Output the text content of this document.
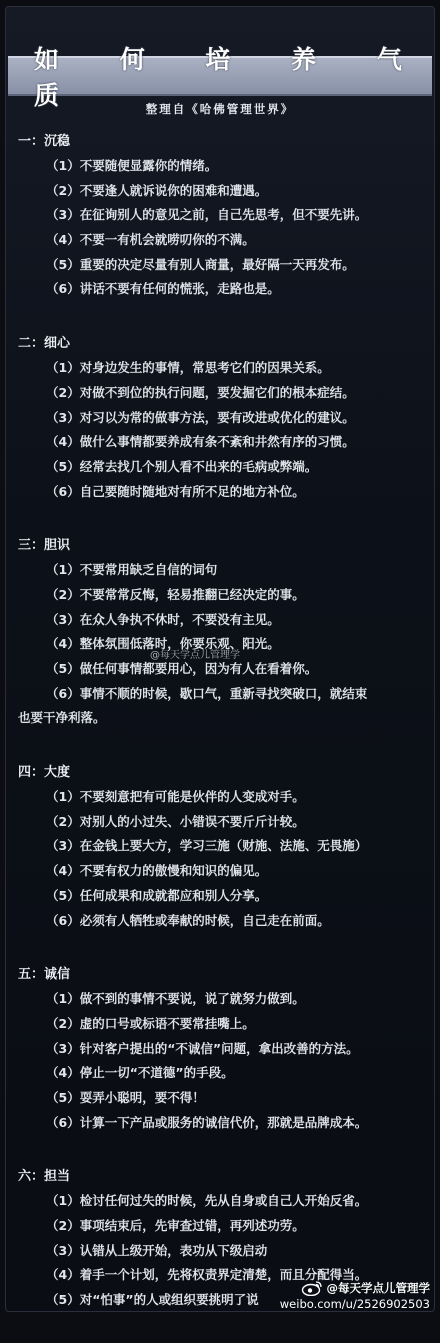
如 何 培 养 气 质	整理自《哈佛管理世界》
一：沉稳
（1）不要随便显露你的情绪。
（2）不要逢人就诉说你的困难和遭遇。
（3）在征询别人的意见之前，自己先思考，但不要先讲。
（4）不要一有机会就唠叨你的不满。
（5）重要的决定尽量有别人商量，最好隔一天再发布。
（6）讲话不要有任何的慌张，走路也是。
二：细心
（1）对身边发生的事情，常思考它们的因果关系。
（2）对做不到位的执行问题，要发掘它们的根本症结。
（3）对习以为常的做事方法，要有改进或优化的建议。
（4）做什么事情都要养成有条不紊和井然有序的习惯。
（5）经常去找几个别人看不出来的毛病或弊端。
（6）自己要随时随地对有所不足的地方补位。
三：胆识
（1）不要常用缺乏自信的词句
（2）不要常常反悔，轻易推翻已经决定的事。
（3）在众人争执不休时，不要没有主见。
（4）整体氛围低落时，你要乐观、阳光。
（5）做任何事情都要用心，因为有人在看着你。
（6）事情不顺的时候，歇口气，重新寻找突破口，就结束
也要干净利落。
四：大度
（1）不要刻意把有可能是伙伴的人变成对手。
（2）对别人的小过失、小错误不要斤斤计较。
（3）在金钱上要大方，学习三施（财施、法施、无畏施）
（4）不要有权力的傲慢和知识的偏见。
（5）任何成果和成就都应和别人分享。
（6）必须有人牺牲或奉献的时候，自己走在前面。
五：诚信
（1）做不到的事情不要说，说了就努力做到。
（2）虚的口号或标语不要常挂嘴上。
（3）针对客户提出的“不诚信”问题，拿出改善的方法。
（4）停止一切“不道德”的手段。
（5）耍弄小聪明，要不得！
（6）计算一下产品或服务的诚信代价，那就是品牌成本。
六：担当
（1）检讨任何过失的时候，先从自身或自己人开始反省。
（2）事项结束后，先审查过错，再列述功劳。
（3）认错从上级开始，表功从下级启动
（4）着手一个计划，先将权责界定清楚，而且分配得当。
（5）对“怕事”的人或组织要挑明了说
@每天学点儿管理学
@每天学点儿管理学
weibo.com/u/2526902503
